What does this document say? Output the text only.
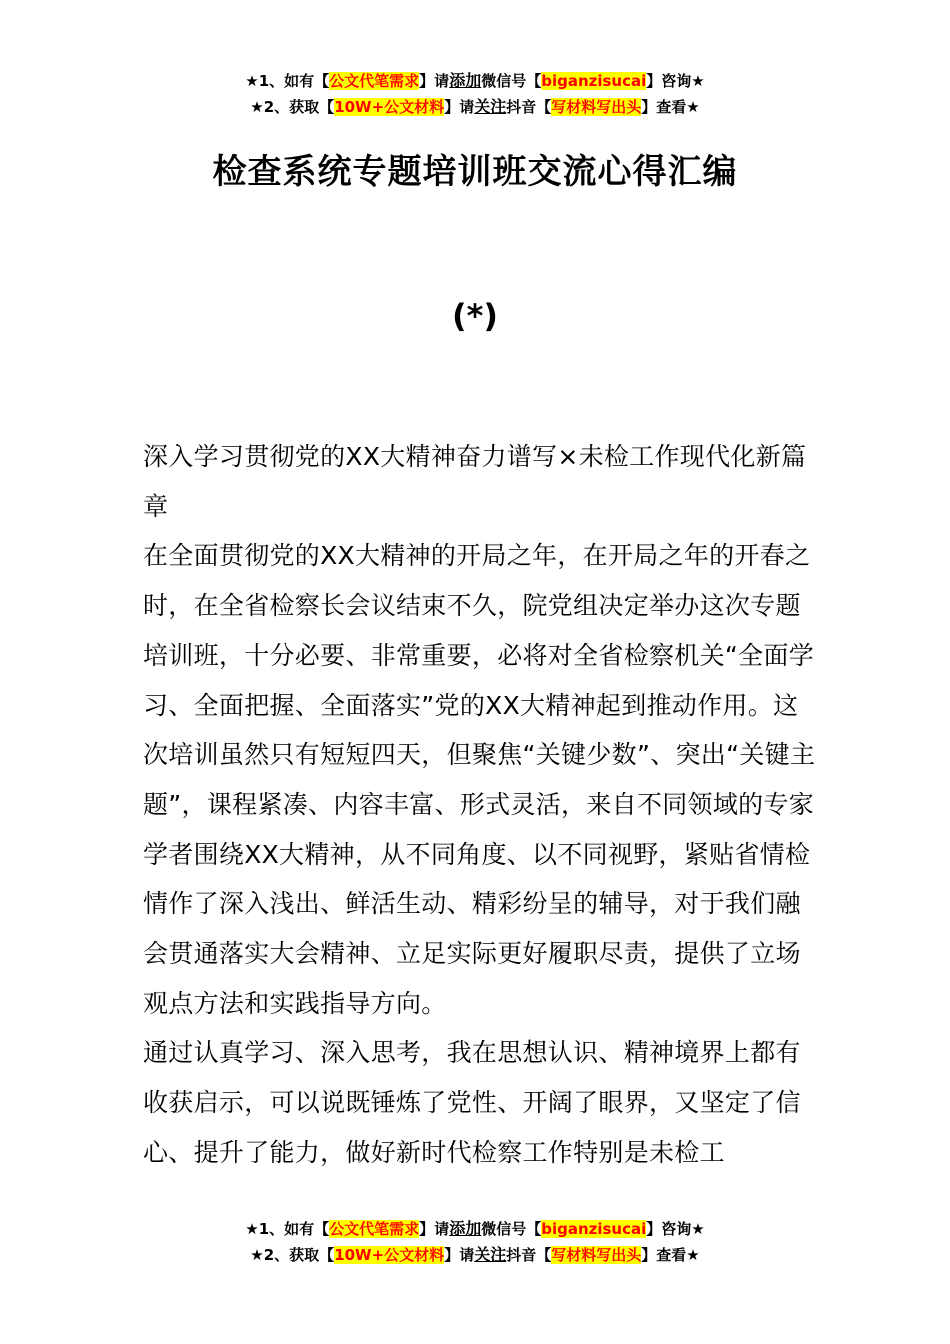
★1、如有【公文代笔需求】请添加微信号【biganzisucai】咨询★
★2、获取【10W+公文材料】请关注抖音【写材料写出头】查看★
检查系统专题培训班交流心得汇编
(*)

深入学习贯彻党的XX大精神奋力谱写×未检工作现代化新篇章

在全面贯彻党的XX大精神的开局之年，在开局之年的开春之时，在全省检察长会议结束不久，院党组决定举办这次专题培训班，十分必要、非常重要，必将对全省检察机关“全面学习、全面把握、全面落实”党的XX大精神起到推动作用。这次培训虽然只有短短四天，但聚焦“关键少数”、突出“关键主题”，课程紧凑、内容丰富、形式灵活，来自不同领域的专家学者围绕XX大精神，从不同角度、以不同视野，紧贴省情检情作了深入浅出、鲜活生动、精彩纷呈的辅导，对于我们融会贯通落实大会精神、立足实际更好履职尽责，提供了立场观点方法和实践指导方向。

通过认真学习、深入思考，我在思想认识、精神境界上都有收获启示，可以说既锤炼了党性、开阔了眼界，又坚定了信心、提升了能力，做好新时代检察工作特别是未检工

★1、如有【公文代笔需求】请添加微信号【biganzisucai】咨询★
★2、获取【10W+公文材料】请关注抖音【写材料写出头】查看★
